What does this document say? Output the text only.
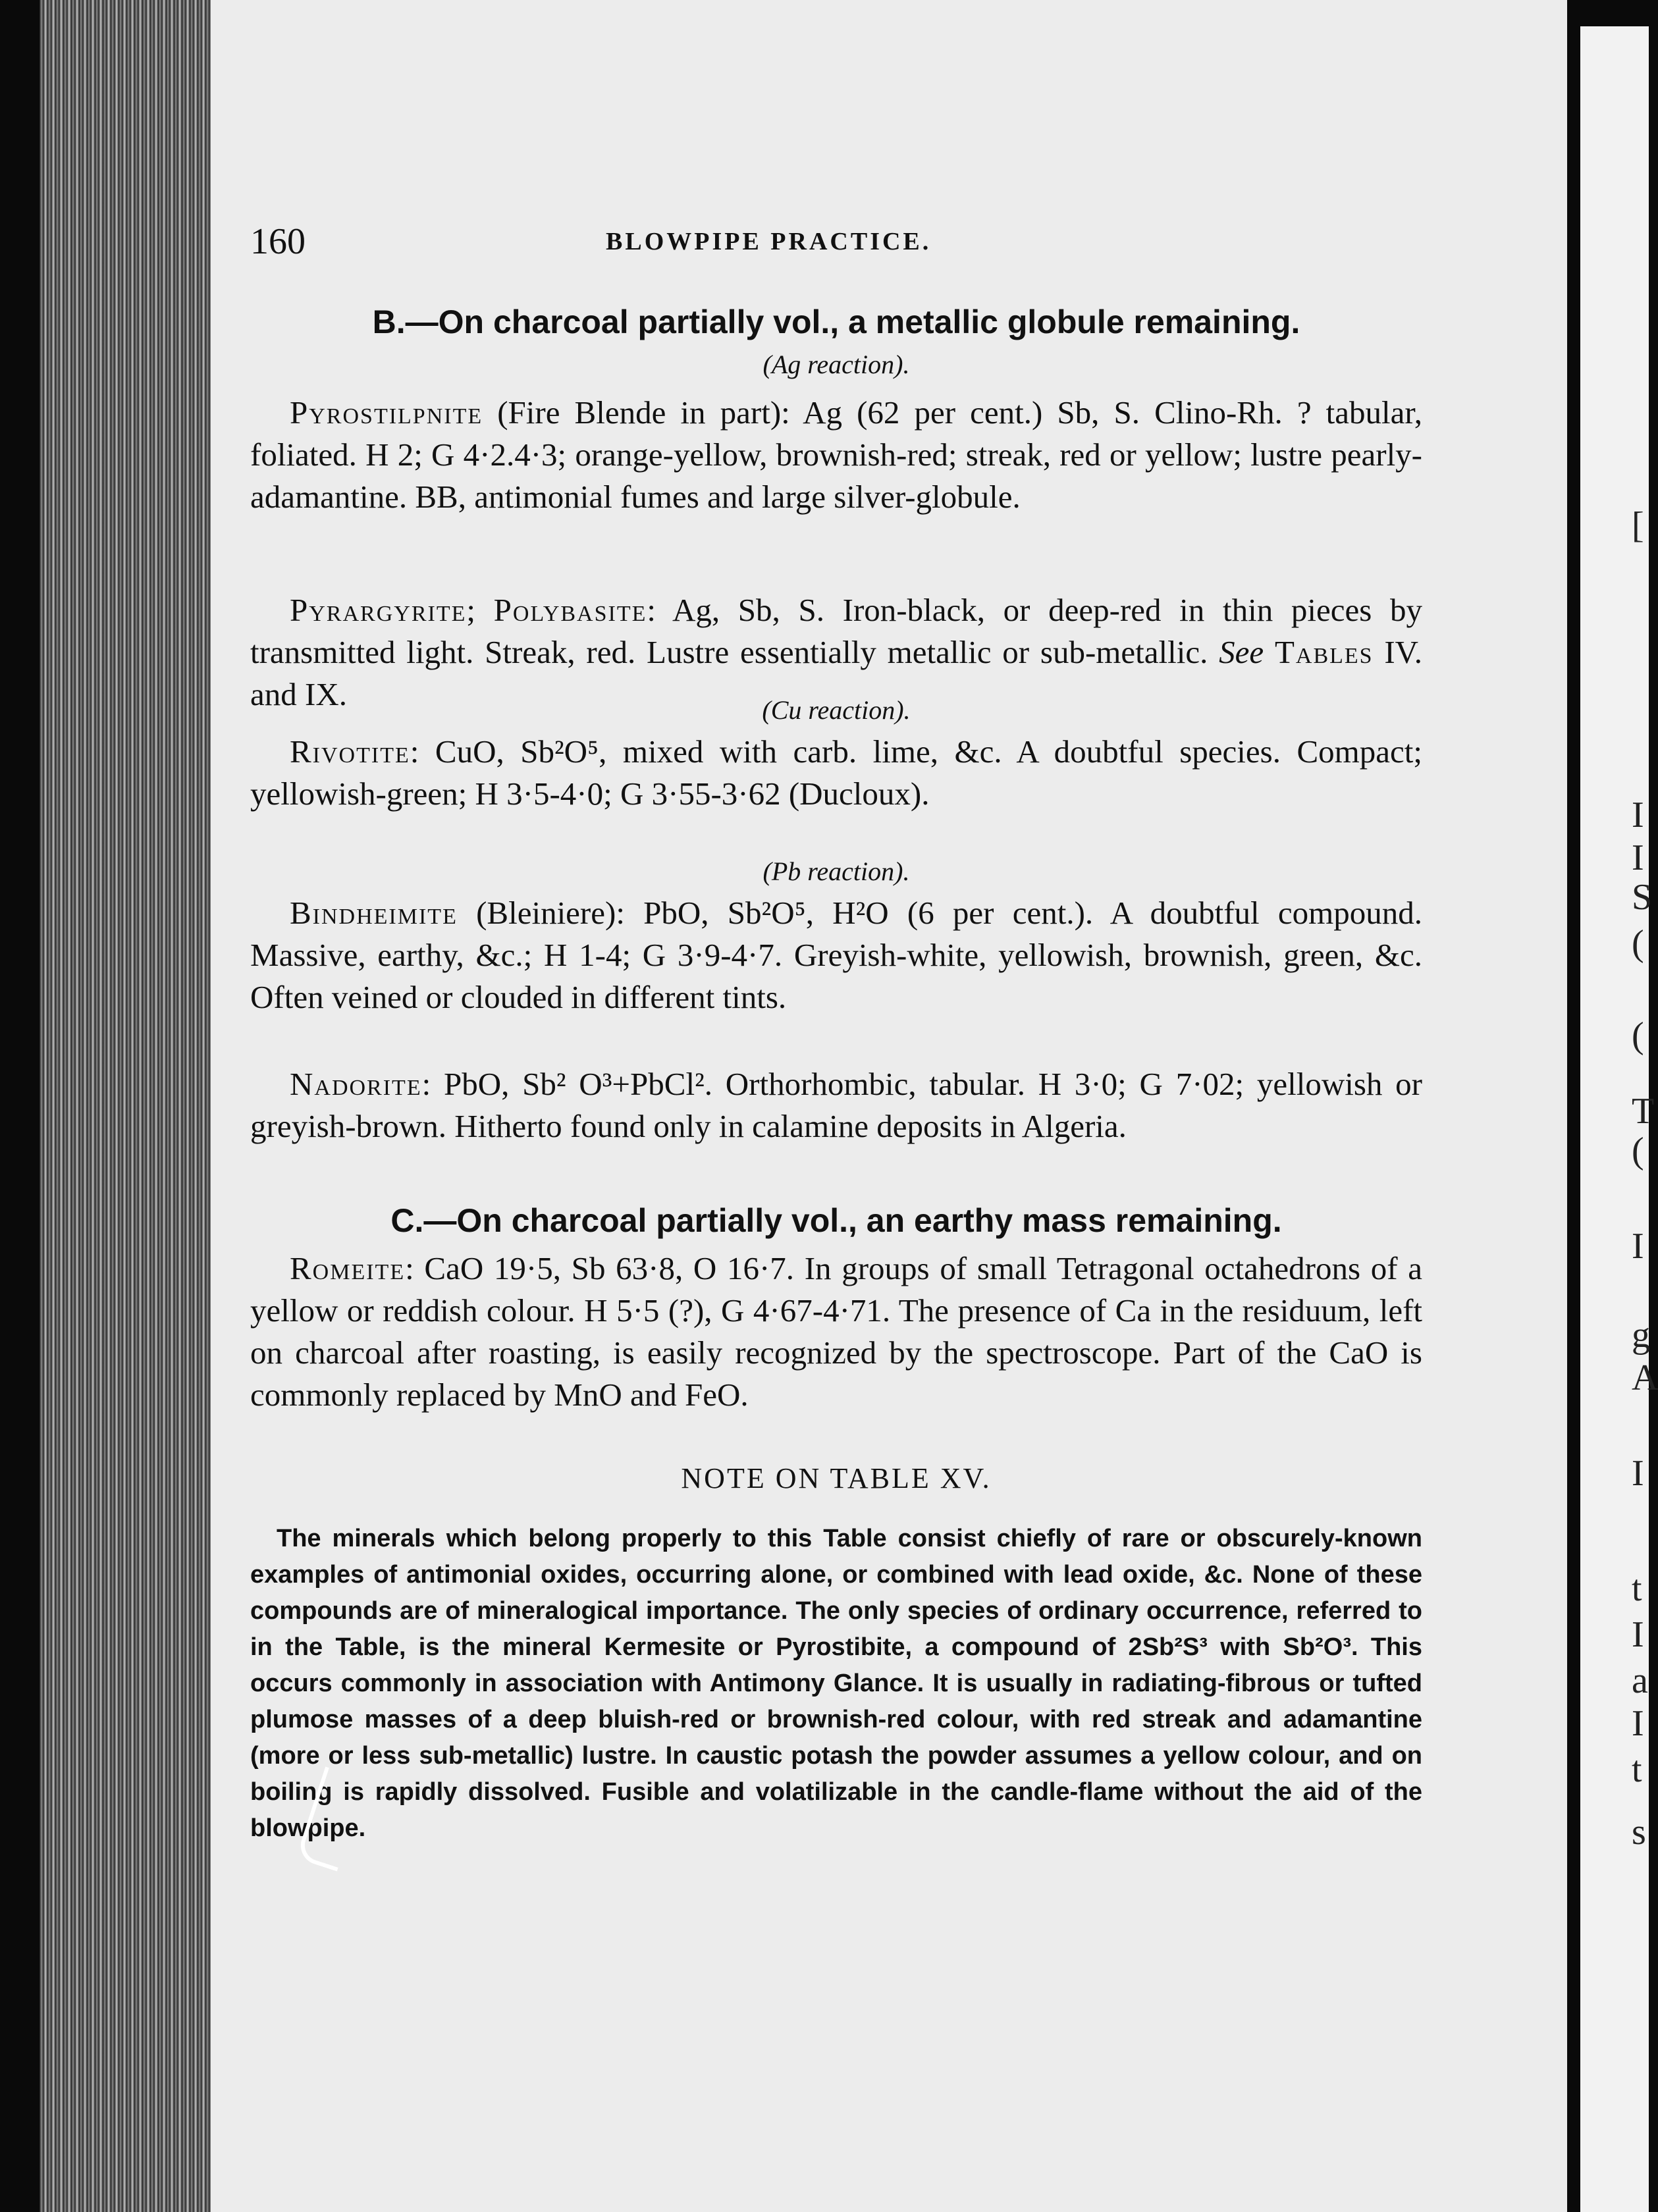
160	BLOWPIPE PRACTICE.
B.—On charcoal partially vol., a metallic globule remaining.
(Ag reaction).

Pyrostilpnite (Fire Blende in part): Ag (62 per cent.) Sb, S. Clino-Rh. ? tabular, foliated. H 2; G 4·2.4·3; orange-yellow, brownish-red; streak, red or yellow; lustre pearly-adamantine. BB, antimonial fumes and large silver-globule.

Pyrargyrite; Polybasite: Ag, Sb, S. Iron-black, or deep-red in thin pieces by transmitted light. Streak, red. Lustre essentially metallic or sub-metallic. See Tables IV. and IX.	(Cu reaction).

Rivotite: CuO, Sb²O⁵, mixed with carb. lime, &c. A doubtful species. Compact; yellowish-green; H 3·5-4·0; G 3·55-3·62 (Ducloux).

(Pb reaction).

Bindheimite (Bleiniere): PbO, Sb²O⁵, H²O (6 per cent.). A doubtful compound. Massive, earthy, &c.; H 1-4; G 3·9-4·7. Greyish-white, yellowish, brownish, green, &c. Often veined or clouded in different tints.

Nadorite: PbO, Sb² O³+PbCl². Orthorhombic, tabular. H 3·0; G 7·02; yellowish or greyish-brown. Hitherto found only in calamine deposits in Algeria.

C.—On charcoal partially vol., an earthy mass remaining.

Romeite: CaO 19·5, Sb 63·8, O 16·7. In groups of small Tetragonal octahedrons of a yellow or reddish colour. H 5·5 (?), G 4·67-4·71. The presence of Ca in the residuum, left on charcoal after roasting, is easily recognized by the spectroscope. Part of the CaO is commonly replaced by MnO and FeO.

NOTE ON TABLE XV.

The minerals which belong properly to this Table consist chiefly of rare or obscurely-known examples of antimonial oxides, occurring alone, or combined with lead oxide, &c. None of these compounds are of mineralogical importance. The only species of ordinary occurrence, referred to in the Table, is the mineral Kermesite or Pyrostibite, a compound of 2Sb²S³ with Sb²O³. This occurs commonly in association with Antimony Glance. It is usually in radiating-fibrous or tufted plumose masses of a deep bluish-red or brownish-red colour, with red streak and adamantine (more or less sub-metallic) lustre. In caustic potash the powder assumes a yellow colour, and on boiling is rapidly dissolved. Fusible and volatilizable in the candle-flame without the aid of the blowpipe.

[
I
I
S
(
(
T
(
I
g
A
I
t
I
a
I
t
s
